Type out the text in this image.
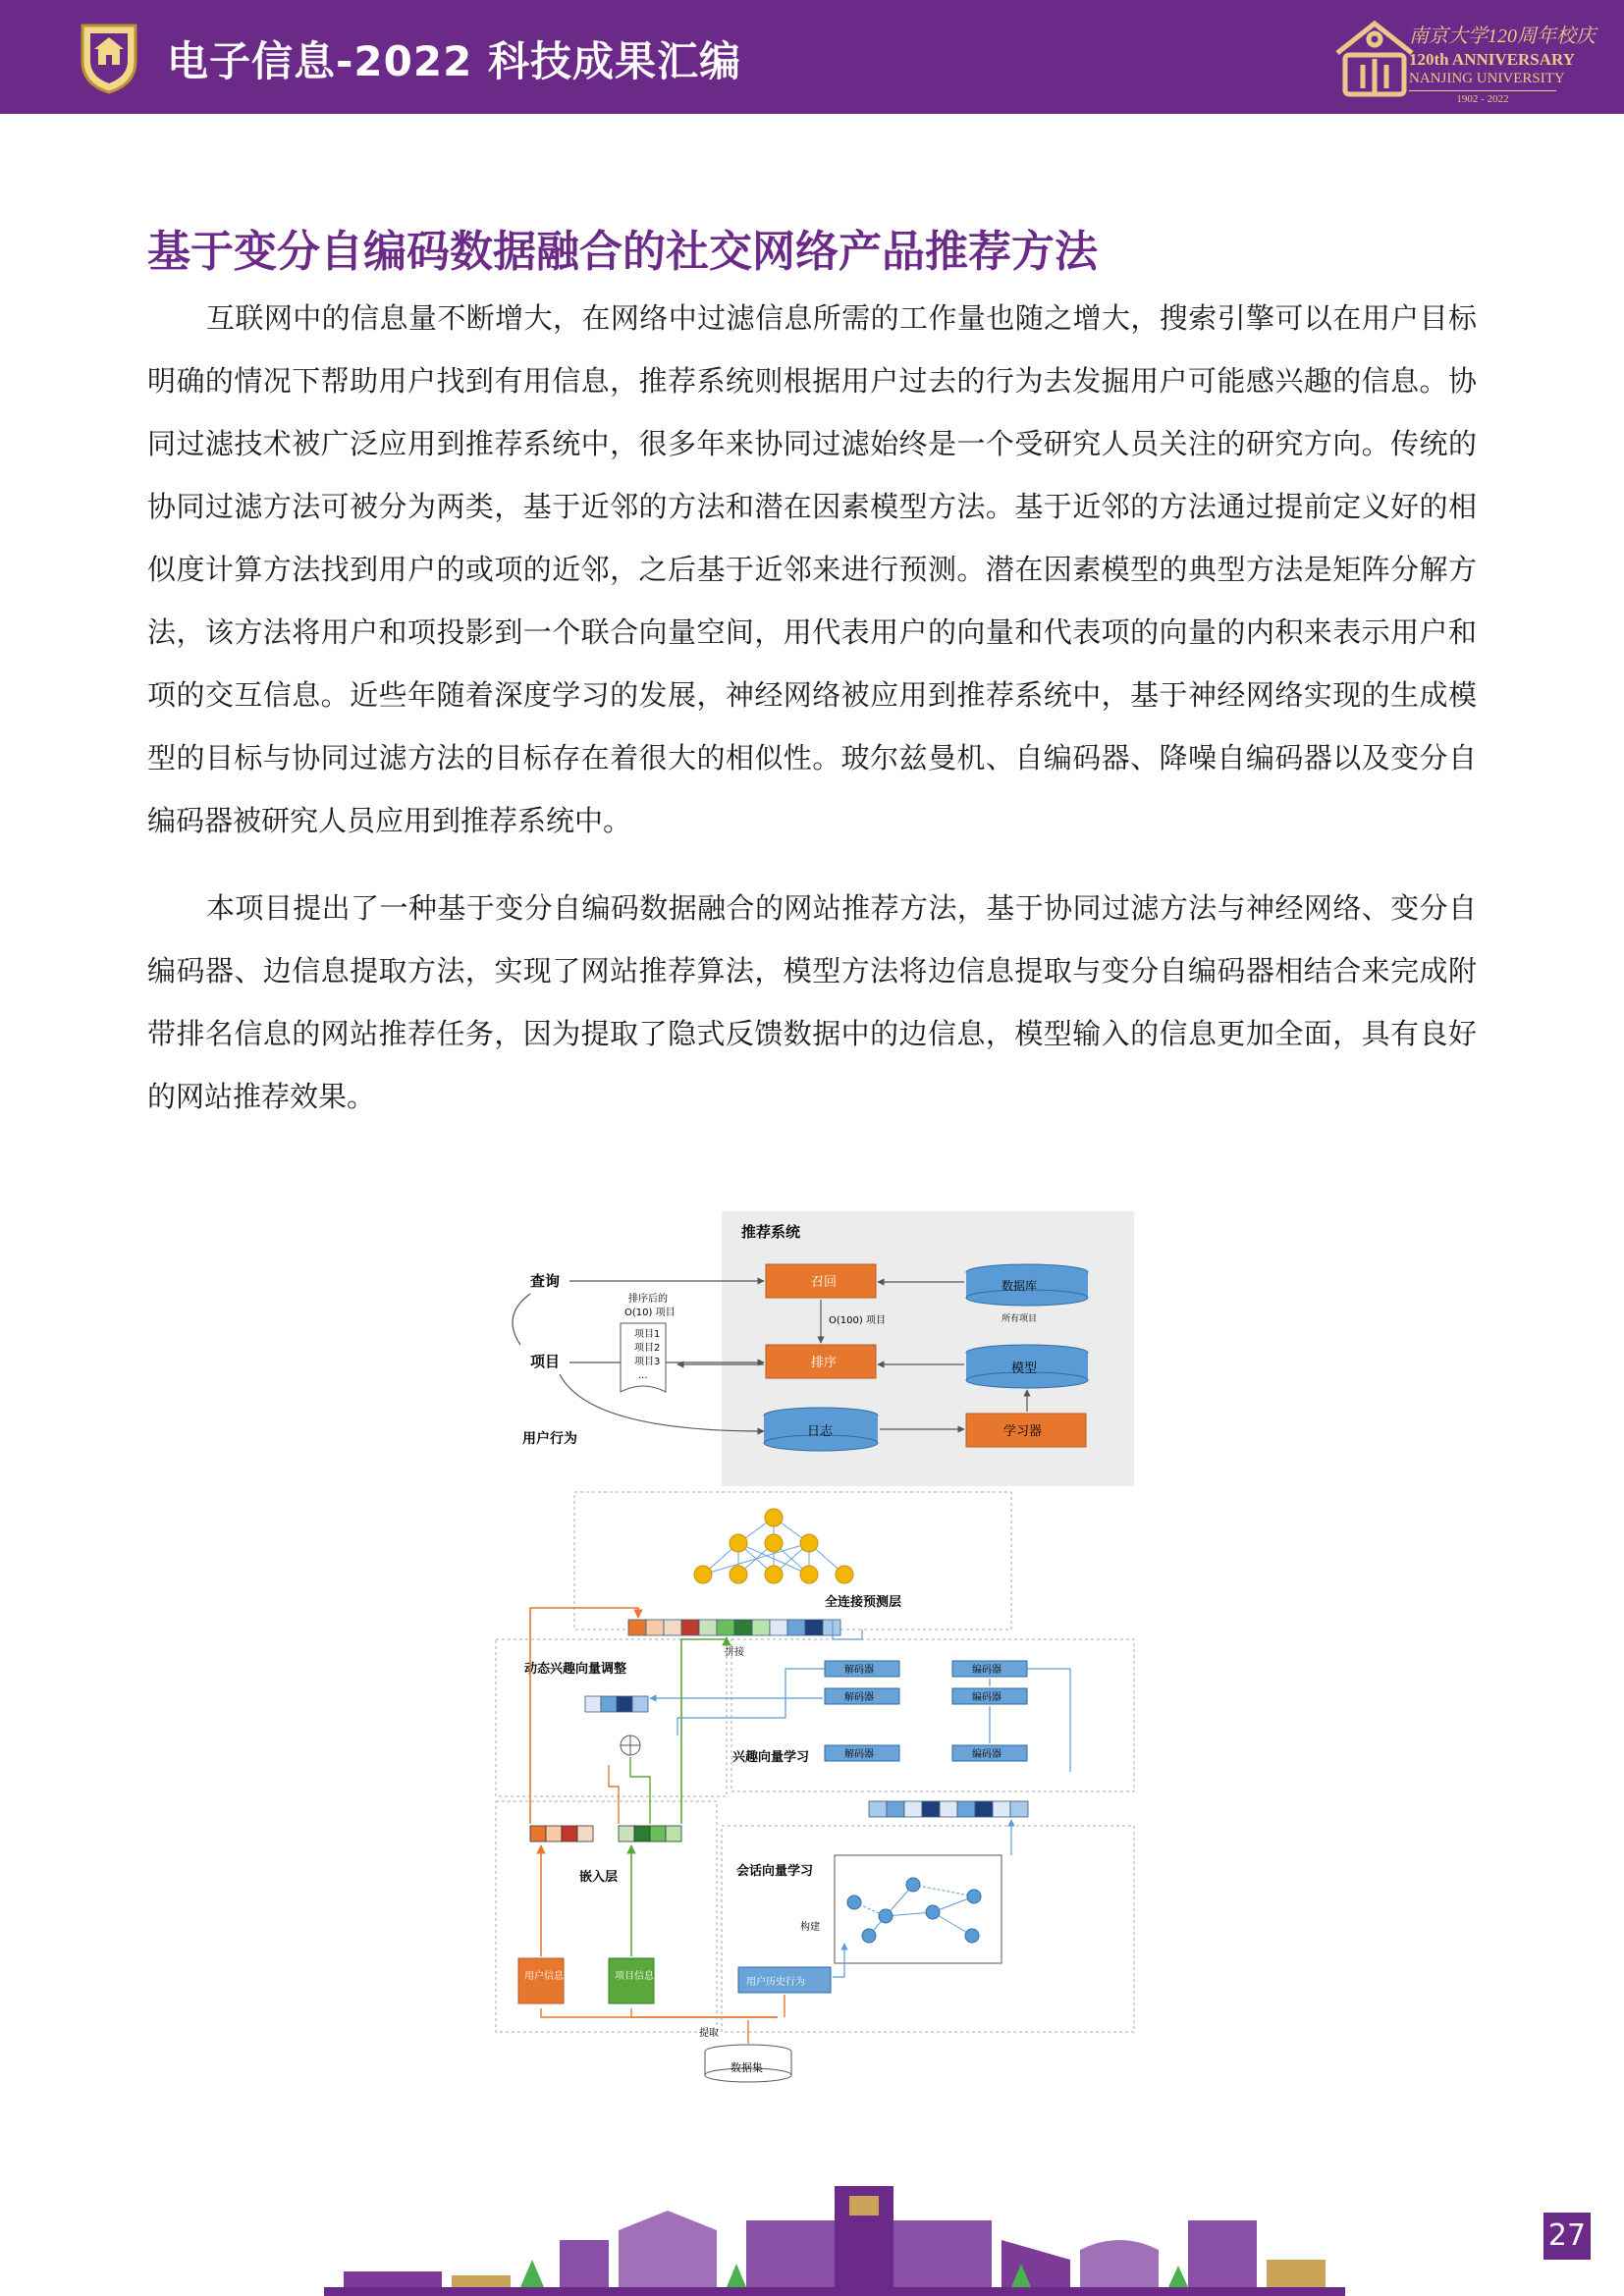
电子信息-2022 科技成果汇编
南京大学120周年校庆
120th ANNIVERSARY
NANJING UNIVERSITY
1902 - 2022
基于变分自编码数据融合的社交网络产品推荐方法

互联网中的信息量不断增大，在网络中过滤信息所需的工作量也随之增大，搜索引擎可以在用户目标明确的情况下帮助用户找到有用信息，推荐系统则根据用户过去的行为去发掘用户可能感兴趣的信息。协同过滤技术被广泛应用到推荐系统中，很多年来协同过滤始终是一个受研究人员关注的研究方向。传统的协同过滤方法可被分为两类，基于近邻的方法和潜在因素模型方法。基于近邻的方法通过提前定义好的相似度计算方法找到用户的或项的近邻，之后基于近邻来进行预测。潜在因素模型的典型方法是矩阵分解方法，该方法将用户和项投影到一个联合向量空间，用代表用户的向量和代表项的向量的内积来表示用户和项的交互信息。近些年随着深度学习的发展，神经网络被应用到推荐系统中，基于神经网络实现的生成模型的目标与协同过滤方法的目标存在着很大的相似性。玻尔兹曼机、自编码器、降噪自编码器以及变分自编码器被研究人员应用到推荐系统中。

本项目提出了一种基于变分自编码数据融合的网站推荐方法，基于协同过滤方法与神经网络、变分自编码器、边信息提取方法，实现了网站推荐算法，模型方法将边信息提取与变分自编码器相结合来完成附带排名信息的网站推荐任务，因为提取了隐式反馈数据中的边信息，模型输入的信息更加全面，具有良好的网站推荐效果。

推荐系统
查询
项目
用户行为
排序后的
O(10) 项目
项目1
项目2
项目3
...
召回
O(100) 项目
排序
日志
数据库
所有项目
模型
学习器
全连接预测层
拼接
动态兴趣向量调整	解码器
解码器
解码器
编码器
编码器
编码器
兴趣向量学习
嵌入层
用户信息	项目信息
会话向量学习
构建
用户历史行为
提取
数据集
27
